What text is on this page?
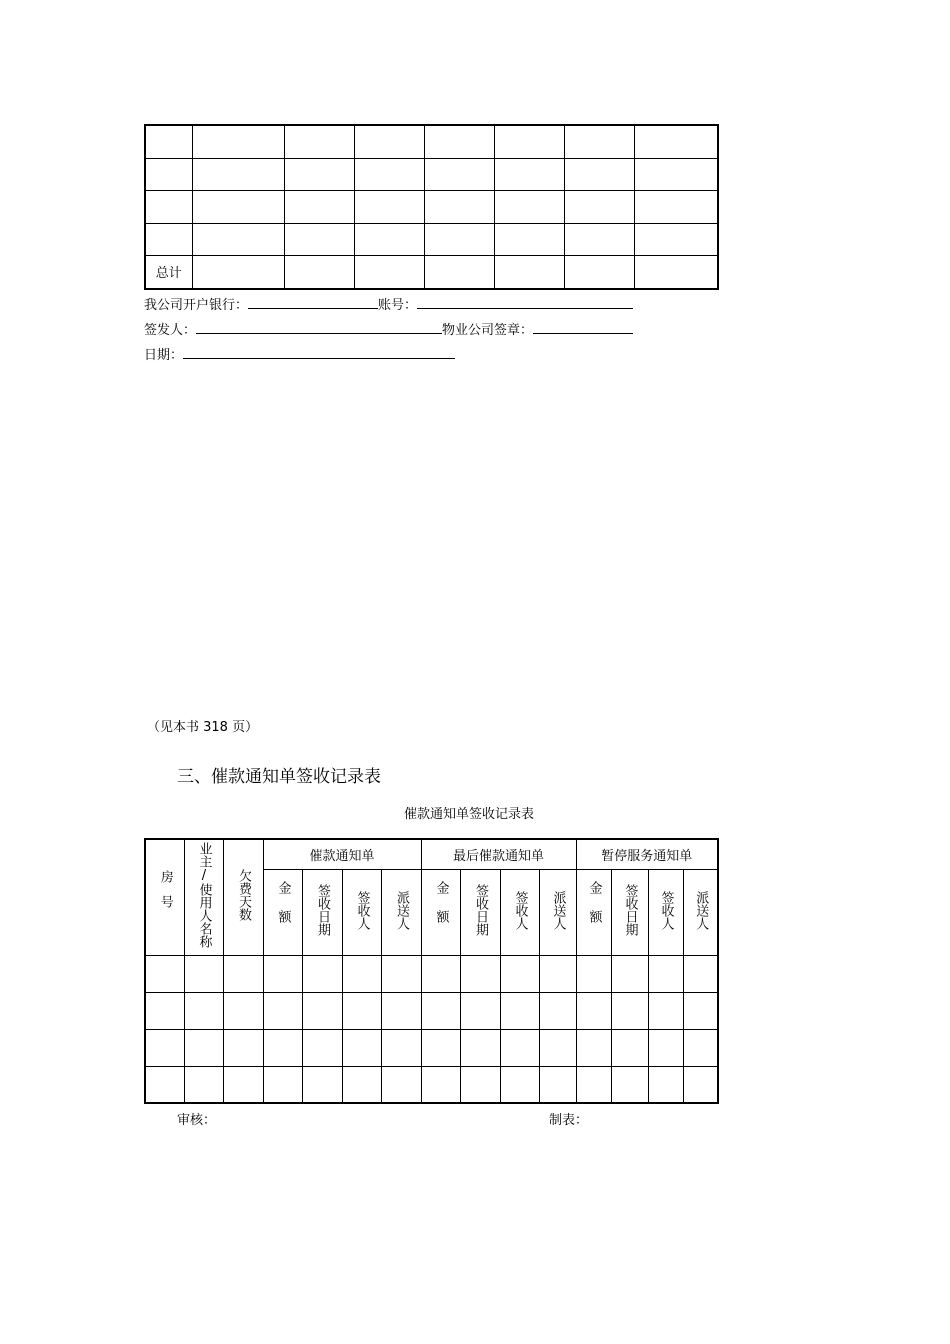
总计							
我公司开户银行：	账号：
签发人：	物业公司签章：
日期：
（见本书 318 页）
三、催款通知单签收记录表
催款通知单签收记录表
房号	业主/使用人名称	欠费天数	催款通知单				最后催款通知单				暂停服务通知单			
			金额	签收日期	签收人	派送人	金额	签收日期	签收人	派送人	金额	签收日期	签收人	派送人

审核：	制表：
